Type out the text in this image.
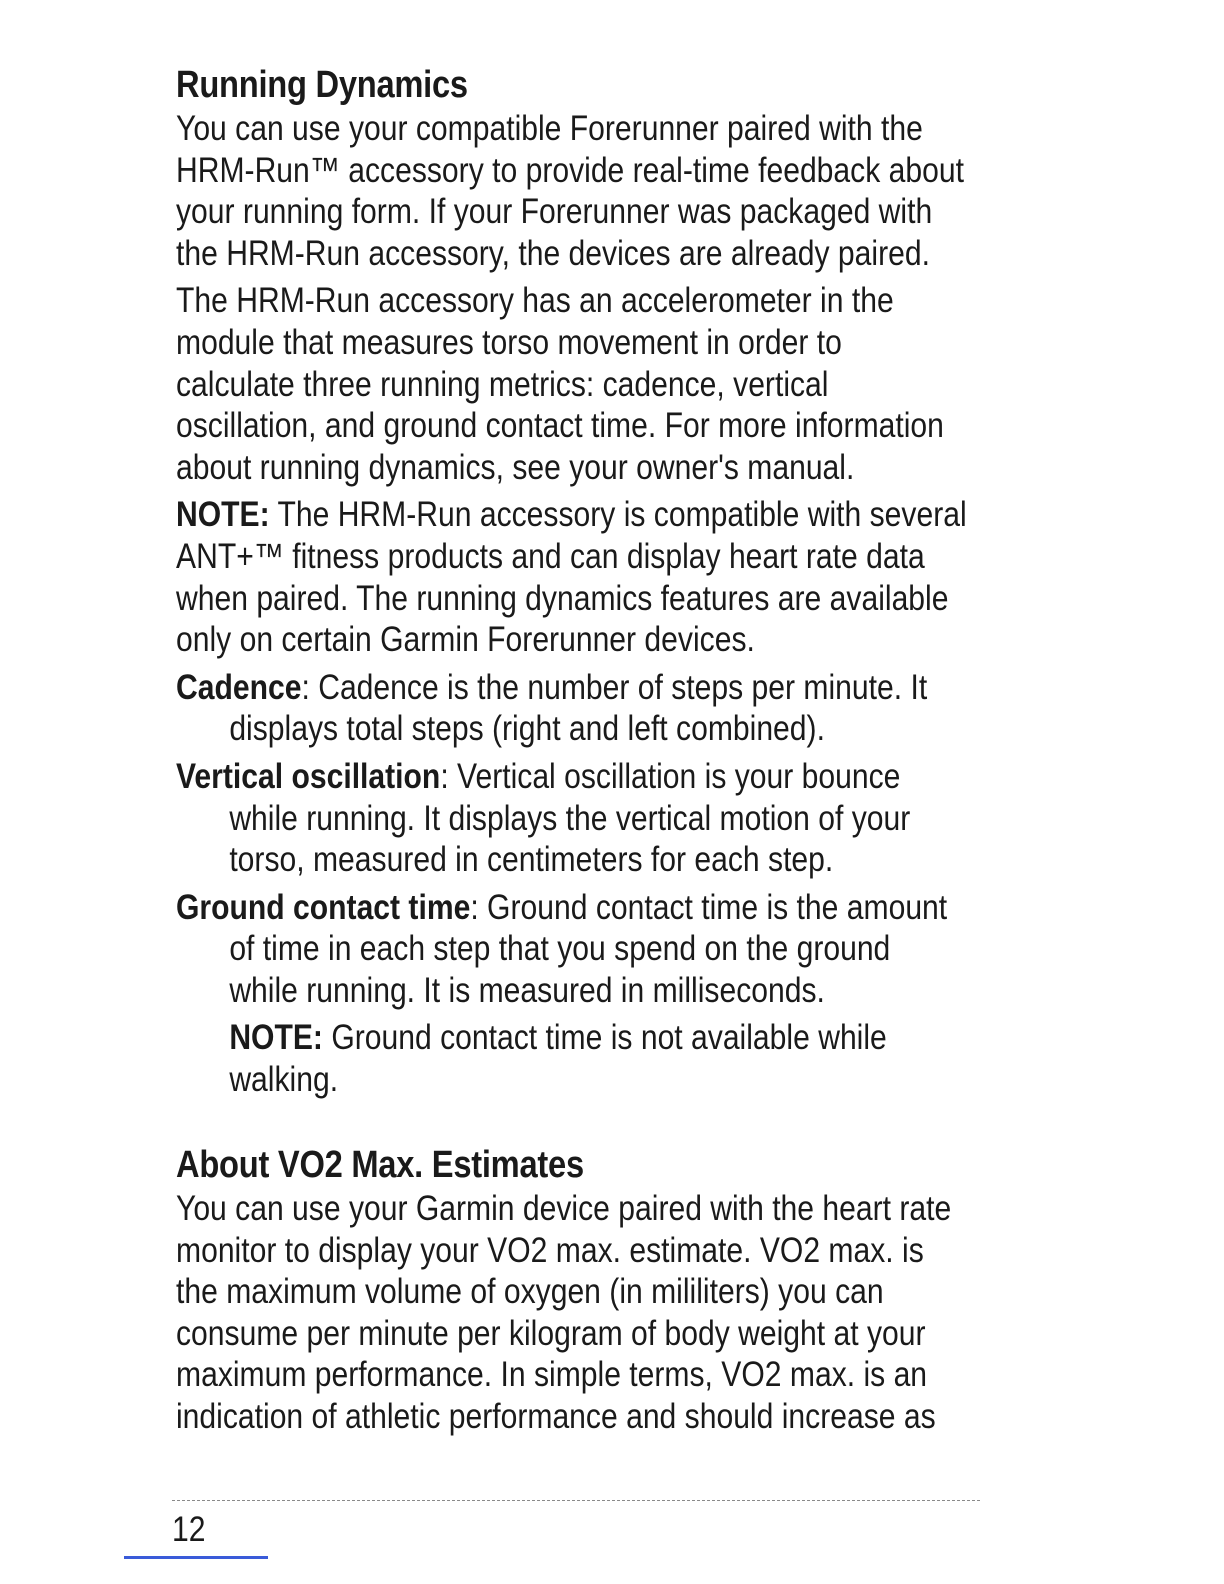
Running Dynamics

You can use your compatible Forerunner paired with the
HRM-Run™ accessory to provide real-time feedback about
your running form. If your Forerunner was packaged with
the HRM-Run accessory, the devices are already paired.

The HRM-Run accessory has an accelerometer in the
module that measures torso movement in order to
calculate three running metrics: cadence, vertical
oscillation, and ground contact time. For more information
about running dynamics, see your owner's manual.

NOTE: The HRM-Run accessory is compatible with several
ANT+™ fitness products and can display heart rate data
when paired. The running dynamics features are available
only on certain Garmin Forerunner devices.

Cadence: Cadence is the number of steps per minute. It

displays total steps (right and left combined).

Vertical oscillation: Vertical oscillation is your bounce

while running. It displays the vertical motion of your
torso, measured in centimeters for each step.

Ground contact time: Ground contact time is the amount

of time in each step that you spend on the ground
while running. It is measured in milliseconds.

NOTE: Ground contact time is not available while
walking.

About VO2 Max. Estimates

You can use your Garmin device paired with the heart rate
monitor to display your VO2 max. estimate. VO2 max. is
the maximum volume of oxygen (in mililiters) you can
consume per minute per kilogram of body weight at your
maximum performance. In simple terms, VO2 max. is an
indication of athletic performance and should increase as

12
